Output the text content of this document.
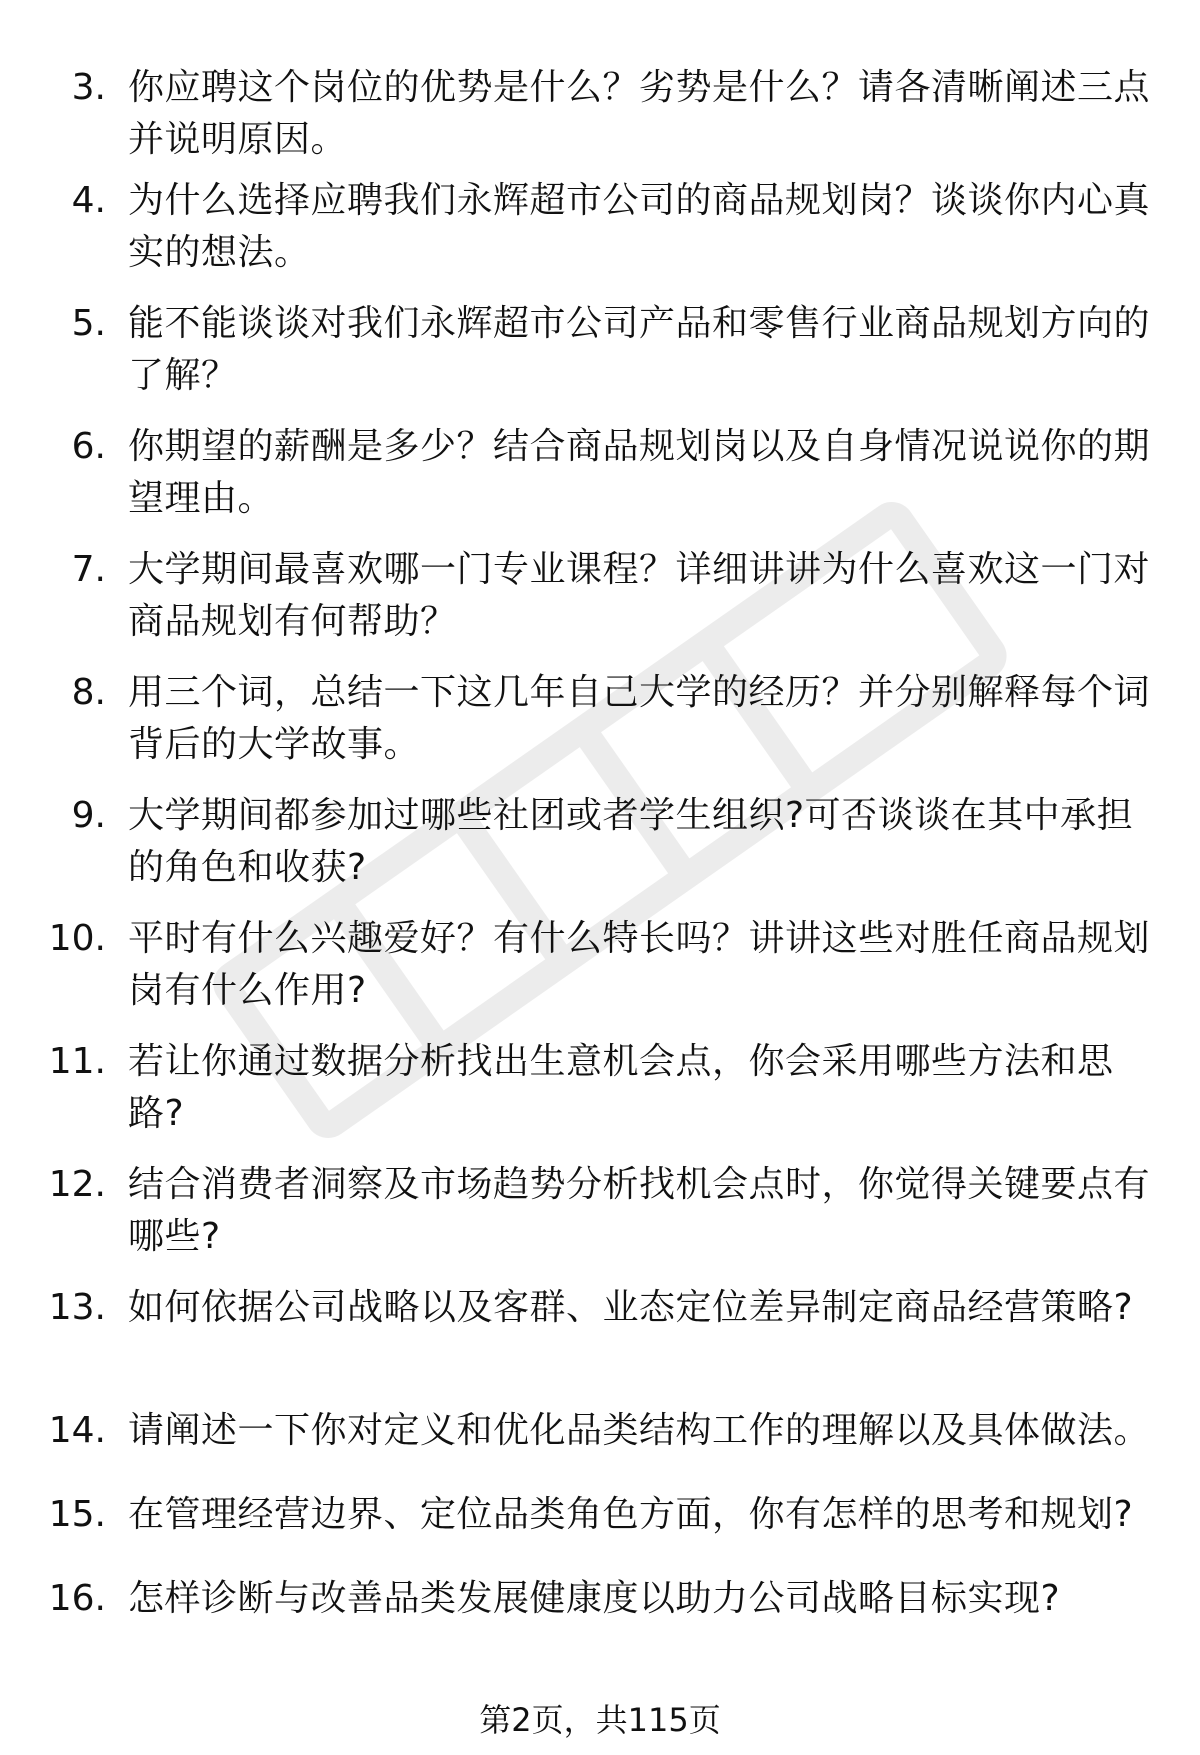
3. 你应聘这个岗位的优势是什么？劣势是什么？请各清晰阐述三点并说明原因。
4. 为什么选择应聘我们永辉超市公司的商品规划岗？谈谈你内心真实的想法。
5. 能不能谈谈对我们永辉超市公司产品和零售行业商品规划方向的了解？
6. 你期望的薪酬是多少？结合商品规划岗以及自身情况说说你的期望理由。
7. 大学期间最喜欢哪一门专业课程？详细讲讲为什么喜欢这一门对商品规划有何帮助？
8. 用三个词，总结一下这几年自己大学的经历？并分别解释每个词背后的大学故事。
9. 大学期间都参加过哪些社团或者学生组织?可否谈谈在其中承担的角色和收获?
10. 平时有什么兴趣爱好？有什么特长吗？讲讲这些对胜任商品规划岗有什么作用?
11. 若让你通过数据分析找出生意机会点，你会采用哪些方法和思路?
12. 结合消费者洞察及市场趋势分析找机会点时，你觉得关键要点有哪些?
13. 如何依据公司战略以及客群、业态定位差异制定商品经营策略?
14. 请阐述一下你对定义和优化品类结构工作的理解以及具体做法。
15. 在管理经营边界、定位品类角色方面，你有怎样的思考和规划?
16. 怎样诊断与改善品类发展健康度以助力公司战略目标实现?
第2页，共115页
